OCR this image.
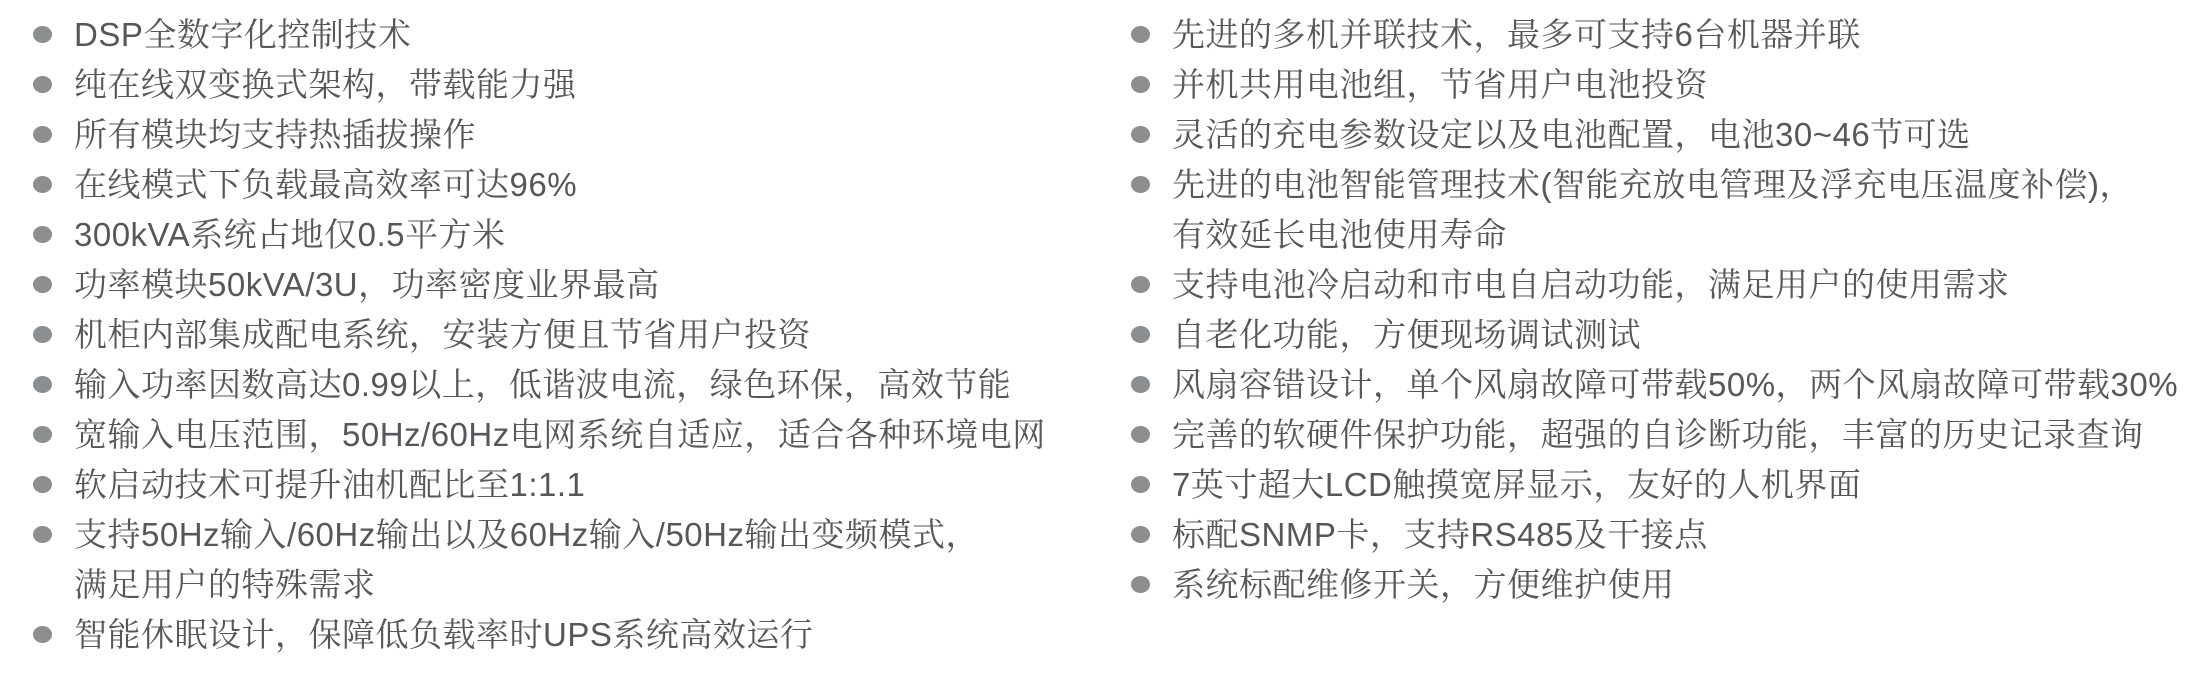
DSP全数字化控制技术
纯在线双变换式架构，带载能力强
所有模块均支持热插拔操作
在线模式下负载最高效率可达96%
300kVA系统占地仅0.5平方米
功率模块50kVA/3U，功率密度业界最高
机柜内部集成配电系统，安装方便且节省用户投资
输入功率因数高达0.99以上，低谐波电流，绿色环保，高效节能
宽输入电压范围，50Hz/60Hz电网系统自适应，适合各种环境电网
软启动技术可提升油机配比至1:1.1
支持50Hz输入/60Hz输出以及60Hz输入/50Hz输出变频模式，
满足用户的特殊需求
智能休眠设计，保障低负载率时UPS系统高效运行
先进的多机并联技术，最多可支持6台机器并联
并机共用电池组，节省用户电池投资
灵活的充电参数设定以及电池配置，电池30~46节可选
先进的电池智能管理技术(智能充放电管理及浮充电压温度补偿)，
有效延长电池使用寿命
支持电池冷启动和市电自启动功能，满足用户的使用需求
自老化功能，方便现场调试测试
风扇容错设计，单个风扇故障可带载50%，两个风扇故障可带载30%
完善的软硬件保护功能，超强的自诊断功能，丰富的历史记录查询
7英寸超大LCD触摸宽屏显示，友好的人机界面
标配SNMP卡，支持RS485及干接点
系统标配维修开关，方便维护使用
